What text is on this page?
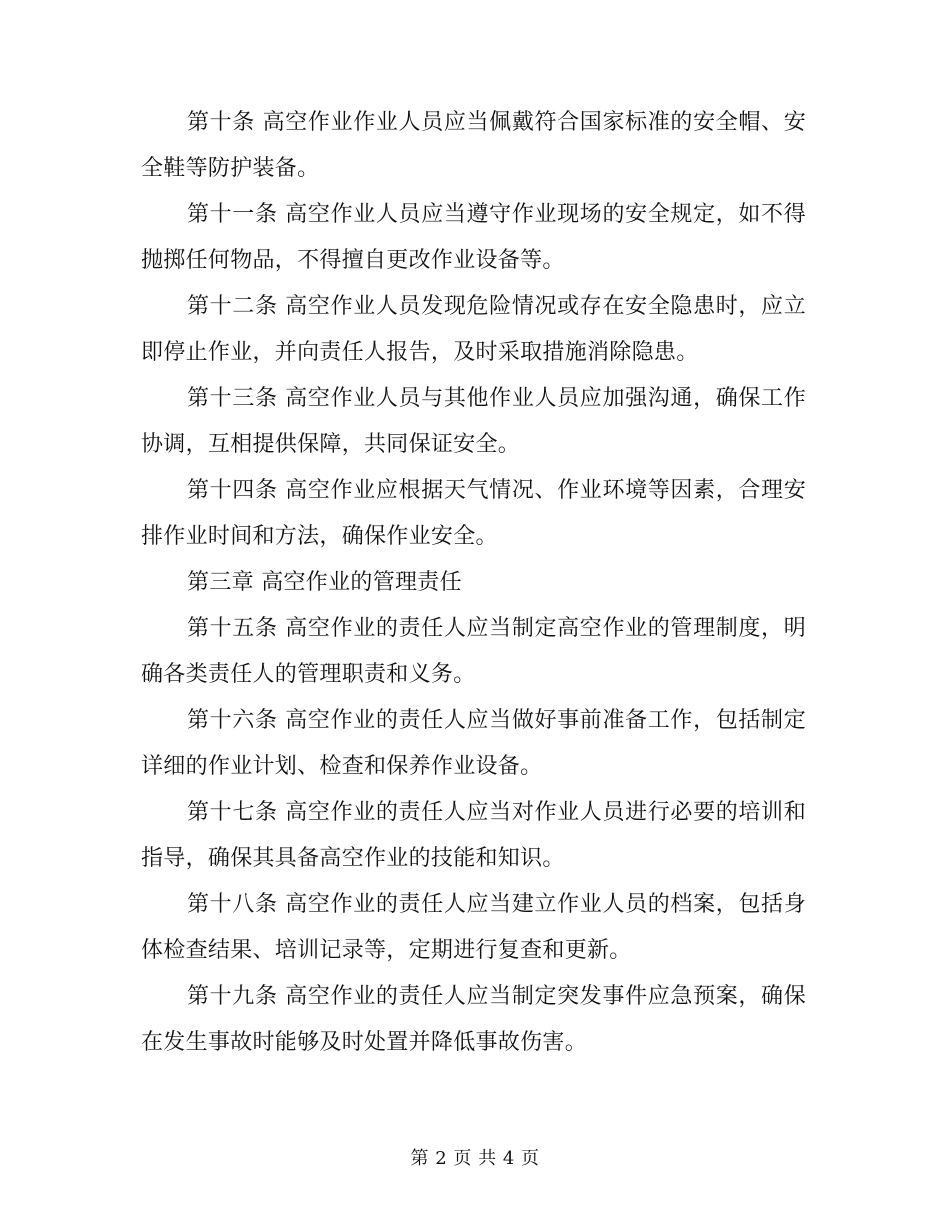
第十条 高空作业作业人员应当佩戴符合国家标准的安全帽、安全鞋等防护装备。

第十一条 高空作业人员应当遵守作业现场的安全规定，如不得抛掷任何物品，不得擅自更改作业设备等。

第十二条 高空作业人员发现危险情况或存在安全隐患时，应立即停止作业，并向责任人报告，及时采取措施消除隐患。

第十三条 高空作业人员与其他作业人员应加强沟通，确保工作协调，互相提供保障，共同保证安全。

第十四条 高空作业应根据天气情况、作业环境等因素，合理安排作业时间和方法，确保作业安全。

第三章 高空作业的管理责任

第十五条 高空作业的责任人应当制定高空作业的管理制度，明确各类责任人的管理职责和义务。

第十六条 高空作业的责任人应当做好事前准备工作，包括制定详细的作业计划、检查和保养作业设备。

第十七条 高空作业的责任人应当对作业人员进行必要的培训和指导，确保其具备高空作业的技能和知识。

第十八条 高空作业的责任人应当建立作业人员的档案，包括身体检查结果、培训记录等，定期进行复查和更新。

第十九条 高空作业的责任人应当制定突发事件应急预案，确保在发生事故时能够及时处置并降低事故伤害。

第 2 页 共 4 页
